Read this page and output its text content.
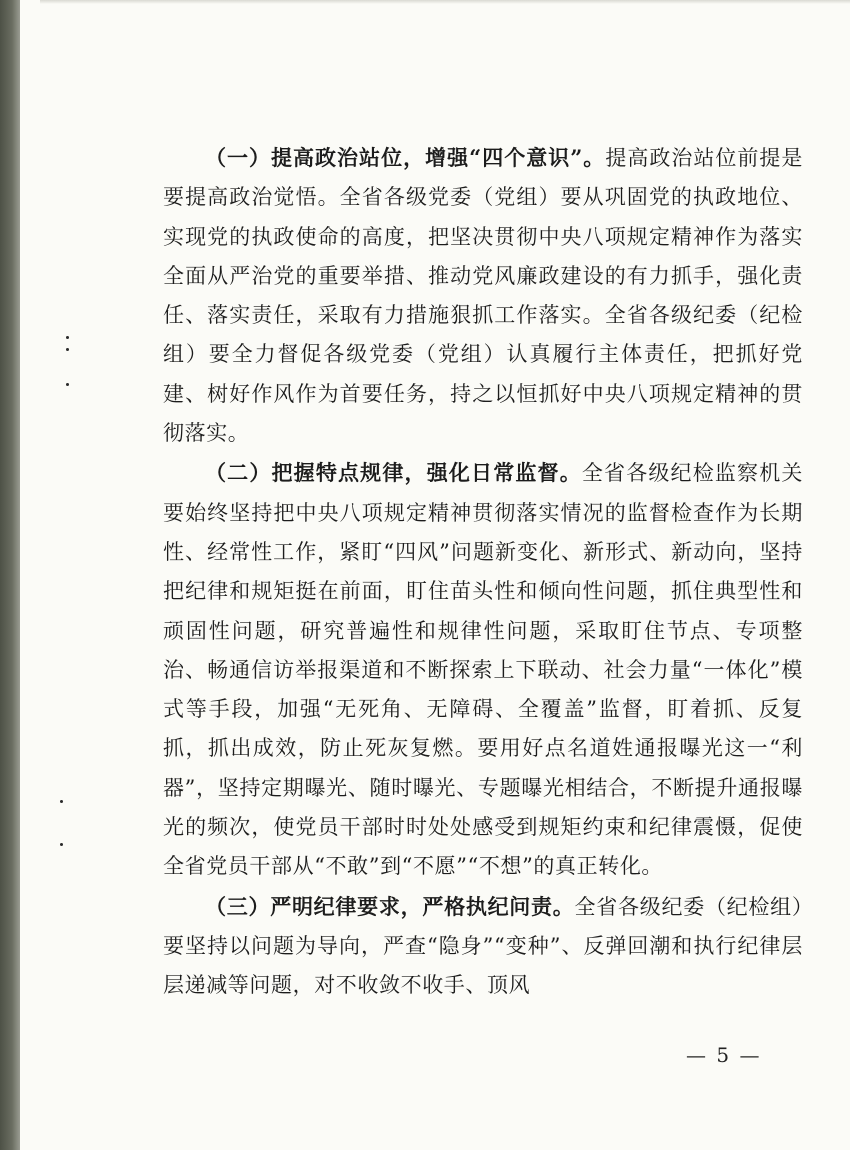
（一）提高政治站位，增强“四个意识”。提高政治站位前提是要提高政治觉悟。全省各级党委（党组）要从巩固党的执政地位、实现党的执政使命的高度，把坚决贯彻中央八项规定精神作为落实全面从严治党的重要举措、推动党风廉政建设的有力抓手，强化责任、落实责任，采取有力措施狠抓工作落实。全省各级纪委（纪检组）要全力督促各级党委（党组）认真履行主体责任，把抓好党建、树好作风作为首要任务，持之以恒抓好中央八项规定精神的贯彻落实。

（二）把握特点规律，强化日常监督。全省各级纪检监察机关要始终坚持把中央八项规定精神贯彻落实情况的监督检查作为长期性、经常性工作，紧盯“四风”问题新变化、新形式、新动向，坚持把纪律和规矩挺在前面，盯住苗头性和倾向性问题，抓住典型性和顽固性问题，研究普遍性和规律性问题，采取盯住节点、专项整治、畅通信访举报渠道和不断探索上下联动、社会力量“一体化”模式等手段，加强“无死角、无障碍、全覆盖”监督，盯着抓、反复抓，抓出成效，防止死灰复燃。要用好点名道姓通报曝光这一“利器”，坚持定期曝光、随时曝光、专题曝光相结合，不断提升通报曝光的频次，使党员干部时时处处感受到规矩约束和纪律震慑，促使全省党员干部从“不敢”到“不愿”“不想”的真正转化。

（三）严明纪律要求，严格执纪问责。全省各级纪委（纪检组）要坚持以问题为导向，严查“隐身”“变种”、反弹回潮和执行纪律层层递减等问题，对不收敛不收手、顶风

— 5 —
